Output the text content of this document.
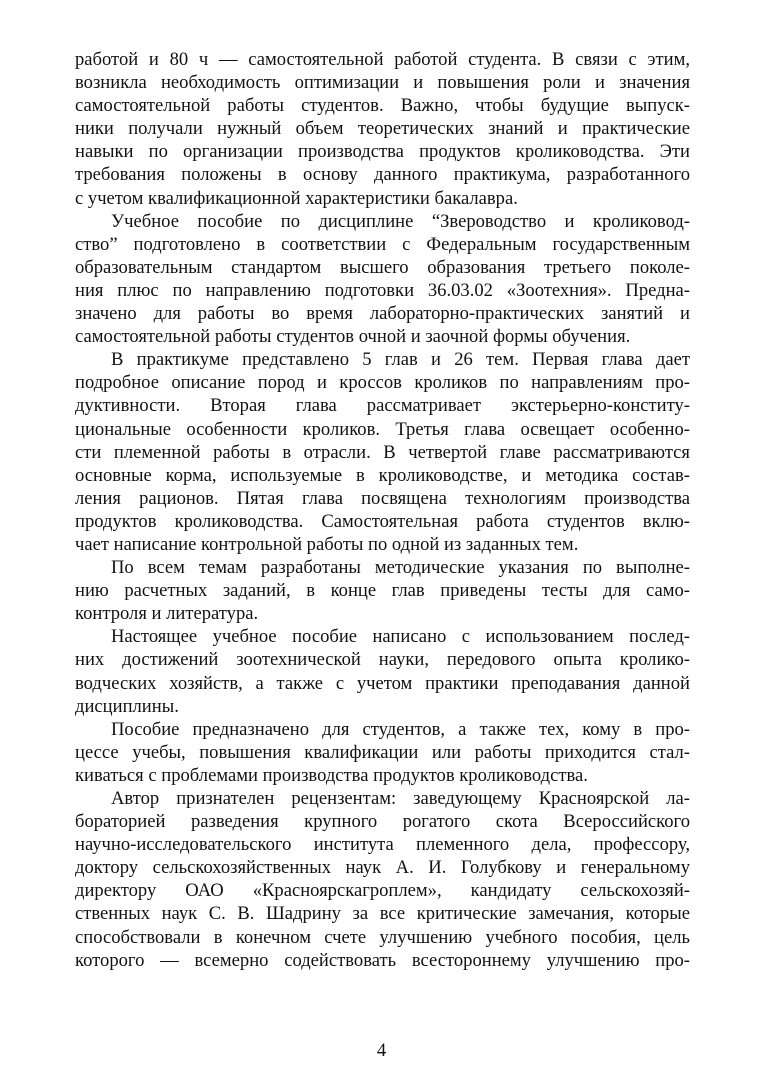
работой и 80 ч — самостоятельной работой студента. В связи с этим,
возникла необходимость оптимизации и повышения роли и значения
самостоятельной работы студентов. Важно, чтобы будущие выпуск-
ники получали нужный объем теоретических знаний и практические
навыки по организации производства продуктов кролиководства. Эти
требования положены в основу данного практикума, разработанного
с учетом квалификационной характеристики бакалавра.
Учебное пособие по дисциплине “Звероводство и кроликовод-
ство” подготовлено в соответствии с Федеральным государственным
образовательным стандартом высшего образования третьего поколе-
ния плюс по направлению подготовки 36.03.02 «Зоотехния». Предна-
значено для работы во время лабораторно-практических занятий и
самостоятельной работы студентов очной и заочной формы обучения.
В практикуме представлено 5 глав и 26 тем. Первая глава дает
подробное описание пород и кроссов кроликов по направлениям про-
дуктивности. Вторая глава рассматривает экстерьерно-конститу-
циональные особенности кроликов. Третья глава освещает особенно-
сти племенной работы в отрасли. В четвертой главе рассматриваются
основные корма, используемые в кролиководстве, и методика состав-
ления рационов. Пятая глава посвящена технологиям производства
продуктов кролиководства. Самостоятельная работа студентов вклю-
чает написание контрольной работы по одной из заданных тем.
По всем темам разработаны методические указания по выполне-
нию расчетных заданий, в конце глав приведены тесты для само-
контроля и литература.
Настоящее учебное пособие написано с использованием послед-
них достижений зоотехнической науки, передового опыта кролико-
водческих хозяйств, а также с учетом практики преподавания данной
дисциплины.
Пособие предназначено для студентов, а также тех, кому в про-
цессе учебы, повышения квалификации или работы приходится стал-
киваться с проблемами производства продуктов кролиководства.
Автор признателен рецензентам: заведующему Красноярской ла-
бораторией разведения крупного рогатого скота Всероссийского
научно-исследовательского института племенного дела, профессору,
доктору сельскохозяйственных наук А. И. Голубкову и генеральному
директору ОАО «Красноярскагроплем», кандидату сельскохозяй-
ственных наук С. В. Шадрину за все критические замечания, которые
способствовали в конечном счете улучшению учебного пособия, цель
которого — всемерно содействовать всестороннему улучшению про-
4
